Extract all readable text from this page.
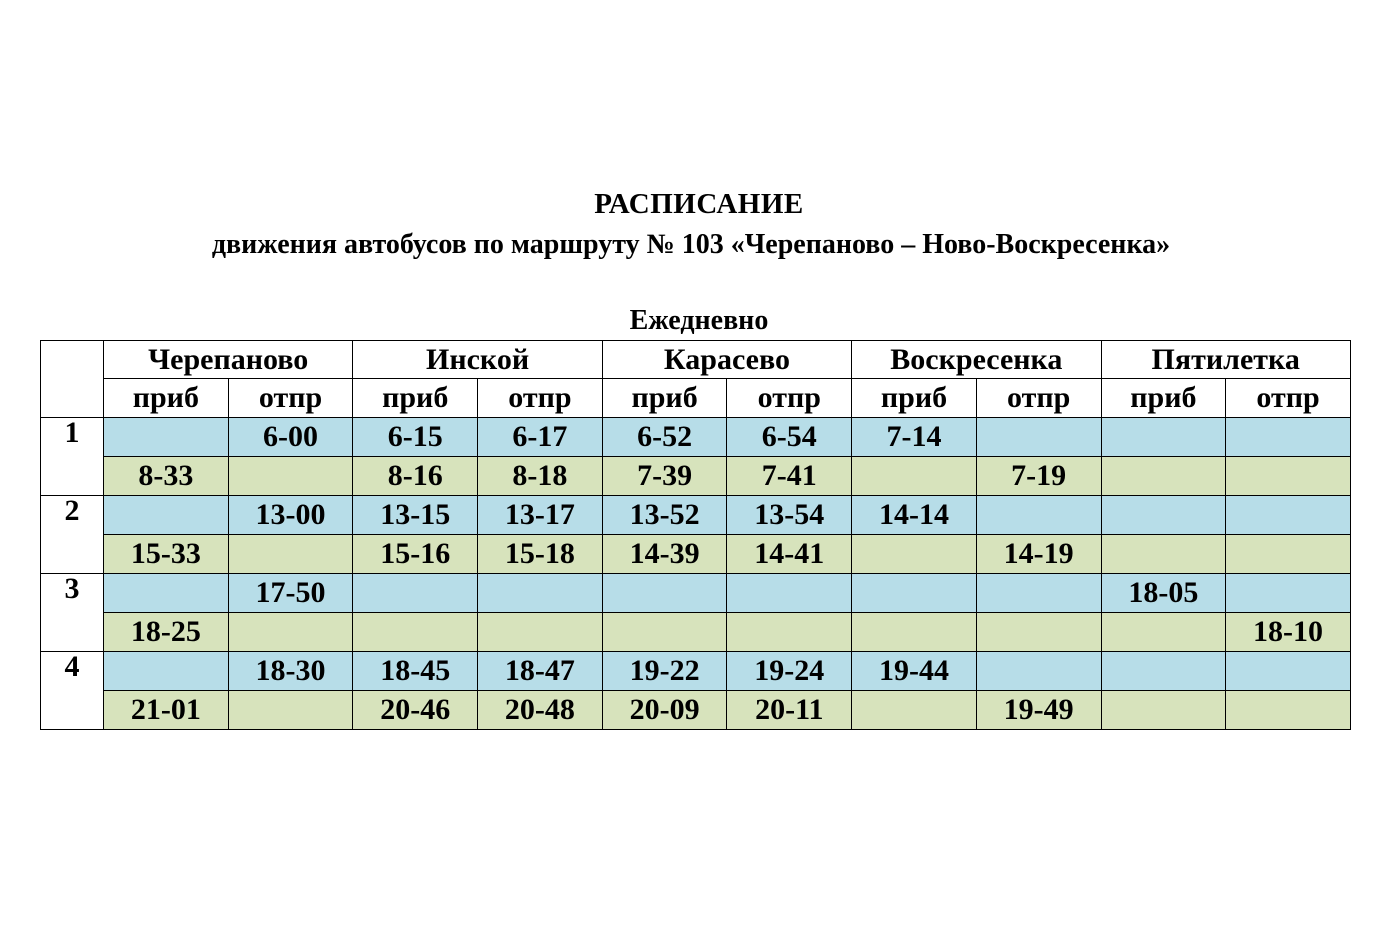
РАСПИСАНИЕ
движения автобусов по маршруту № 103 «Черепаново – Ново-Воскресенка»
Ежедневно
	Черепаново		Инской		Карасево		Воскресенка		Пятилетка	
	приб	отпр	приб	отпр	приб	отпр	приб	отпр	приб	отпр
1		6-00	6-15	6-17	6-52	6-54	7-14			
	8-33		8-16	8-18	7-39	7-41		7-19		
2		13-00	13-15	13-17	13-52	13-54	14-14			
	15-33		15-16	15-18	14-39	14-41		14-19		
3		17-50							18-05	
	18-25									18-10
4		18-30	18-45	18-47	19-22	19-24	19-44			
	21-01		20-46	20-48	20-09	20-11		19-49		
